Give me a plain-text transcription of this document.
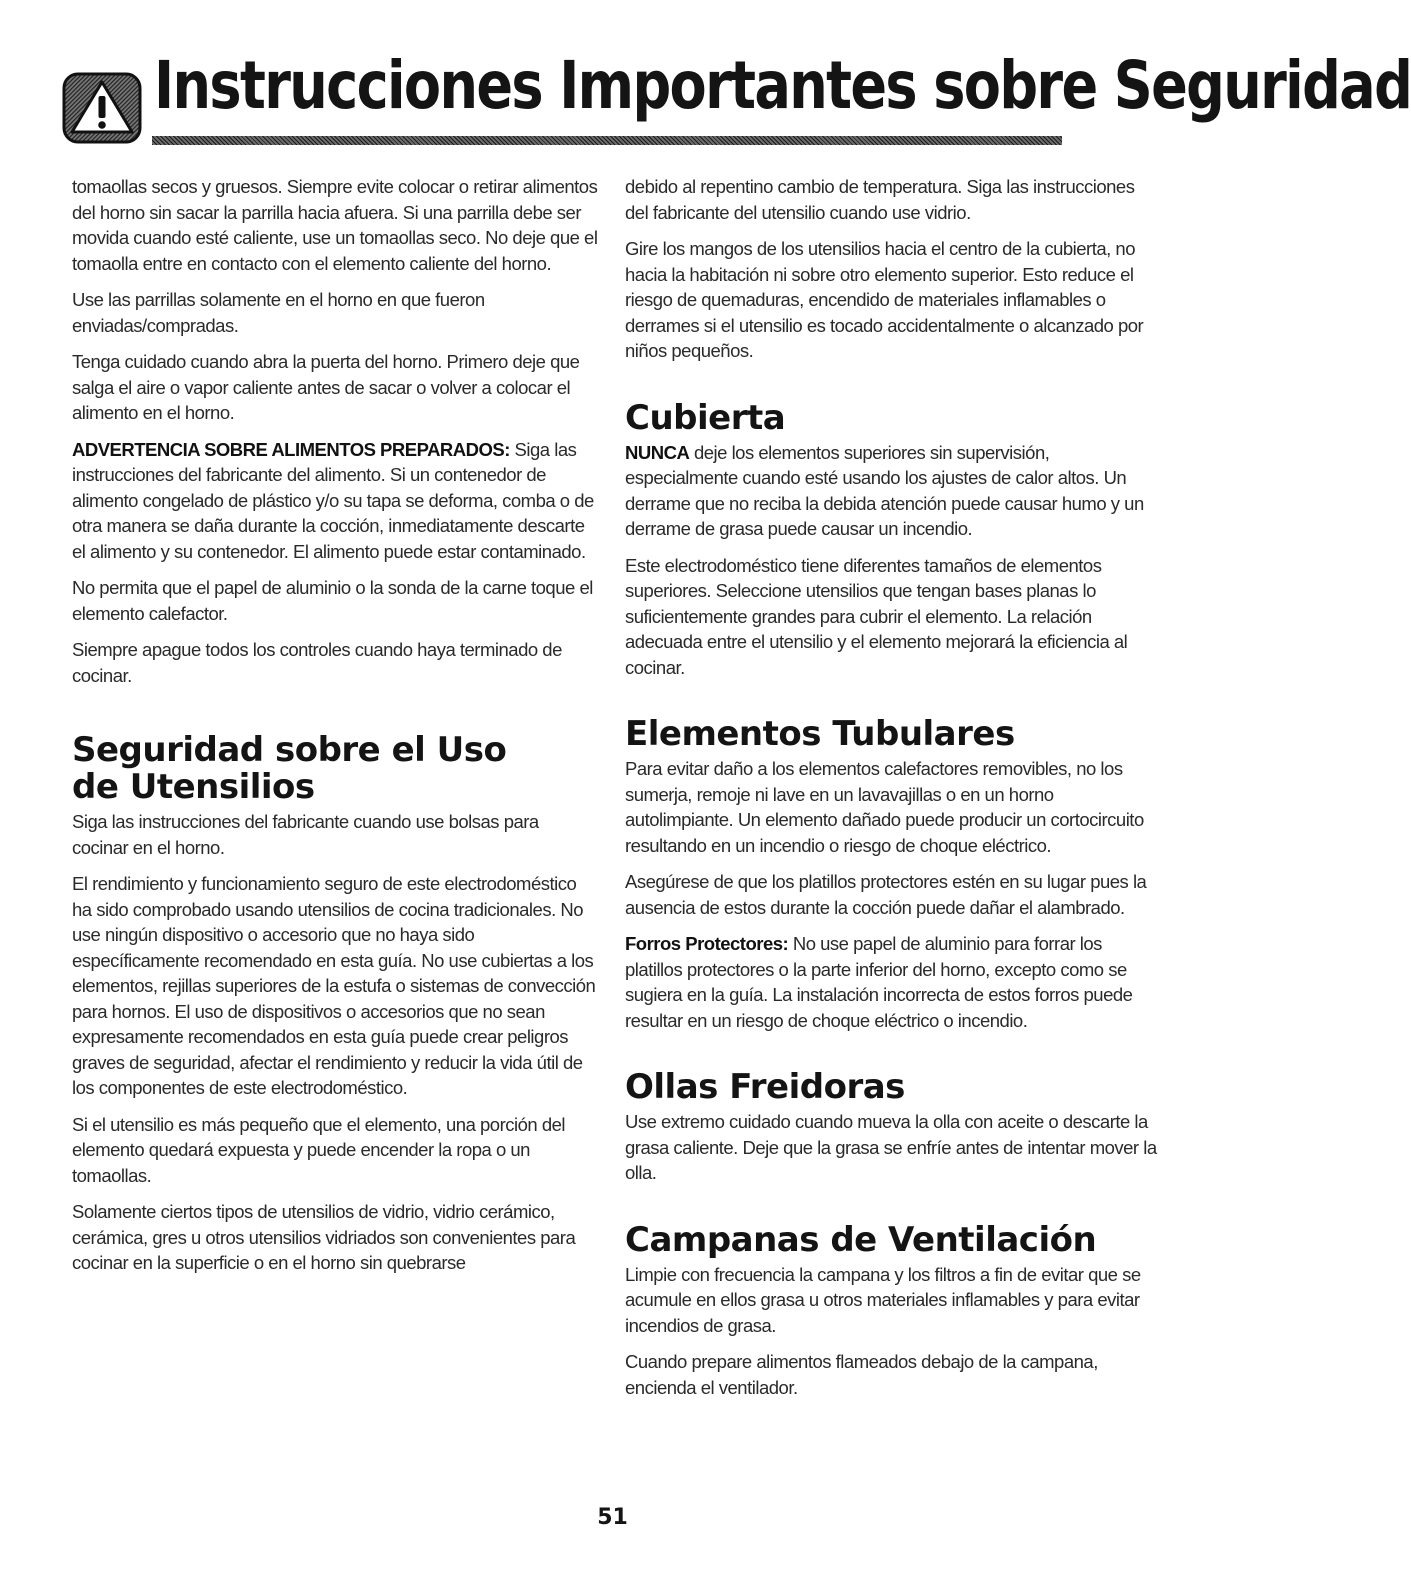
Instrucciones Importantes sobre Seguridad

tomaollas secos y gruesos. Siempre evite colocar o retirar alimentos del horno sin sacar la parrilla hacia afuera. Si una parrilla debe ser movida cuando esté caliente, use un tomaollas seco. No deje que el tomaolla entre en contacto con el elemento caliente del horno.

Use las parrillas solamente en el horno en que fueron enviadas/compradas.

Tenga cuidado cuando abra la puerta del horno. Primero deje que salga el aire o vapor caliente antes de sacar o volver a colocar el alimento en el horno.

ADVERTENCIA SOBRE ALIMENTOS PREPARADOS: Siga las instrucciones del fabricante del alimento. Si un contenedor de alimento congelado de plástico y/o su tapa se deforma, comba o de otra manera se daña durante la cocción, inmediatamente descarte el alimento y su contenedor. El alimento puede estar contaminado.

No permita que el papel de aluminio o la sonda de la carne toque el elemento calefactor.

Siempre apague todos los controles cuando haya terminado de cocinar.

Seguridad sobre el Uso
de Utensilios

Siga las instrucciones del fabricante cuando use bolsas para cocinar en el horno.

El rendimiento y funcionamiento seguro de este electrodoméstico ha sido comprobado usando utensilios de cocina tradicionales. No use ningún dispositivo o accesorio que no haya sido específicamente recomendado en esta guía. No use cubiertas a los elementos, rejillas superiores de la estufa o sistemas de convección para hornos. El uso de dispositivos o accesorios que no sean expresamente recomendados en esta guía puede crear peligros graves de seguridad, afectar el rendimiento y reducir la vida útil de los componentes de este electrodoméstico.

Si el utensilio es más pequeño que el elemento, una porción del elemento quedará expuesta y puede encender la ropa o un tomaollas.

Solamente ciertos tipos de utensilios de vidrio, vidrio cerámico, cerámica, gres u otros utensilios vidriados son convenientes para cocinar en la superficie o en el horno sin quebrarse

debido al repentino cambio de temperatura. Siga las instrucciones del fabricante del utensilio cuando use vidrio.

Gire los mangos de los utensilios hacia el centro de la cubierta, no hacia la habitación ni sobre otro elemento superior. Esto reduce el riesgo de quemaduras, encendido de materiales inflamables o derrames si el utensilio es tocado accidentalmente o alcanzado por niños pequeños.

Cubierta

NUNCA deje los elementos superiores sin supervisión, especialmente cuando esté usando los ajustes de calor altos. Un derrame que no reciba la debida atención puede causar humo y un derrame de grasa puede causar un incendio.

Este electrodoméstico tiene diferentes tamaños de elementos superiores. Seleccione utensilios que tengan bases planas lo suficientemente grandes para cubrir el elemento. La relación adecuada entre el utensilio y el elemento mejorará la eficiencia al cocinar.

Elementos Tubulares

Para evitar daño a los elementos calefactores removibles, no los sumerja, remoje ni lave en un lavavajillas o en un horno autolimpiante. Un elemento dañado puede producir un cortocircuito resultando en un incendio o riesgo de choque eléctrico.

Asegúrese de que los platillos protectores estén en su lugar pues la ausencia de estos durante la cocción puede dañar el alambrado.

Forros Protectores: No use papel de aluminio para forrar los platillos protectores o la parte inferior del horno, excepto como se sugiera en la guía. La instalación incorrecta de estos forros puede resultar en un riesgo de choque eléctrico o incendio.

Ollas Freidoras

Use extremo cuidado cuando mueva la olla con aceite o descarte la grasa caliente. Deje que la grasa se enfríe antes de intentar mover la olla.

Campanas de Ventilación

Limpie con frecuencia la campana y los filtros a fin de evitar que se acumule en ellos grasa u otros materiales inflamables y para evitar incendios de grasa.

Cuando prepare alimentos flameados debajo de la campana, encienda el ventilador.

51
